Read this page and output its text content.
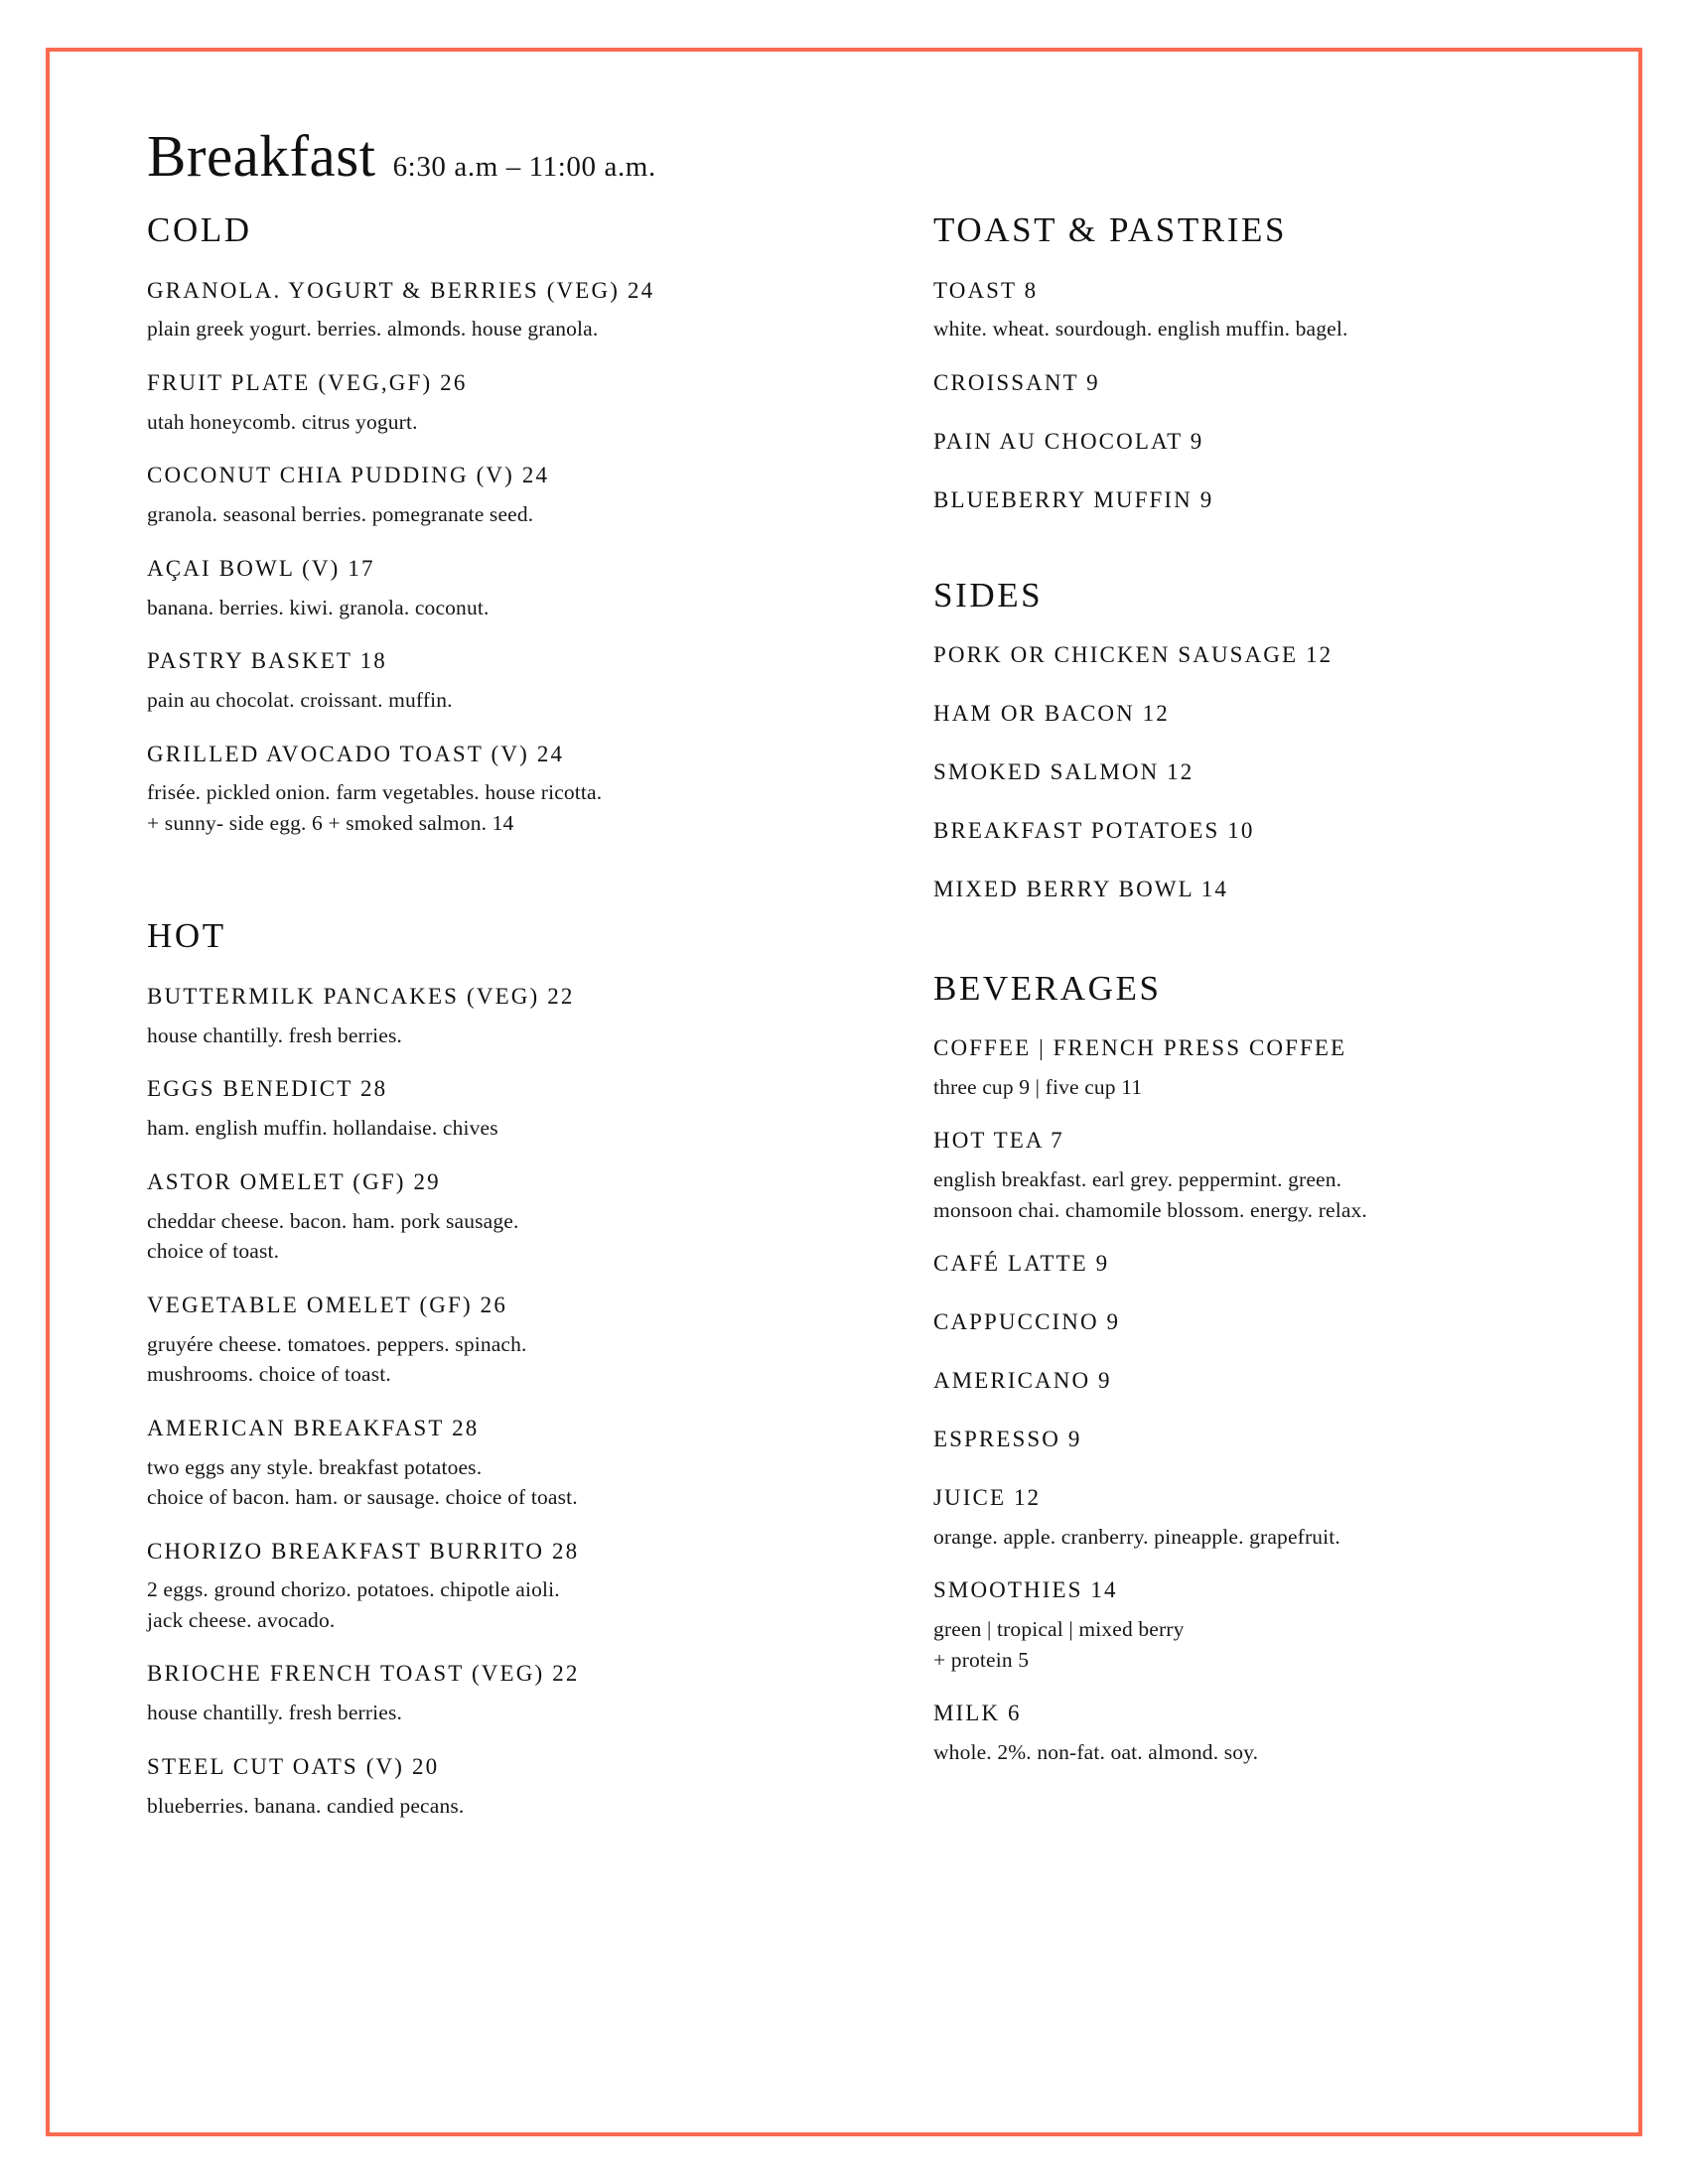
Breakfast 6:30 a.m – 11:00 a.m.
COLD
GRANOLA. YOGURT & BERRIES (VEG) 24
plain greek yogurt. berries. almonds. house granola.
FRUIT PLATE (VEG,GF) 26
utah honeycomb. citrus yogurt.
COCONUT CHIA PUDDING (V) 24
granola. seasonal berries. pomegranate seed.
AÇAI BOWL (V) 17
banana. berries. kiwi. granola. coconut.
PASTRY BASKET 18
pain au chocolat. croissant. muffin.
GRILLED AVOCADO TOAST (V) 24
frisée. pickled onion. farm vegetables. house ricotta.
+ sunny- side egg. 6 + smoked salmon. 14
HOT
BUTTERMILK PANCAKES (VEG) 22
house chantilly. fresh berries.
EGGS BENEDICT 28
ham. english muffin. hollandaise. chives
ASTOR OMELET (GF) 29
cheddar cheese. bacon. ham. pork sausage.
choice of toast.
VEGETABLE OMELET (GF) 26
gruyére cheese. tomatoes. peppers. spinach.
mushrooms. choice of toast.
AMERICAN BREAKFAST 28
two eggs any style. breakfast potatoes.
choice of bacon. ham. or sausage. choice of toast.
CHORIZO BREAKFAST BURRITO 28
2 eggs. ground chorizo. potatoes. chipotle aioli.
jack cheese. avocado.
BRIOCHE FRENCH TOAST (VEG) 22
house chantilly. fresh berries.
STEEL CUT OATS (V) 20
blueberries. banana. candied pecans.
TOAST & PASTRIES
TOAST 8
white. wheat. sourdough. english muffin. bagel.
CROISSANT 9
PAIN AU CHOCOLAT 9
BLUEBERRY MUFFIN 9
SIDES
PORK OR CHICKEN SAUSAGE 12
HAM OR BACON 12
SMOKED SALMON 12
BREAKFAST POTATOES 10
MIXED BERRY BOWL 14
BEVERAGES
COFFEE | FRENCH PRESS COFFEE
three cup 9 | five cup 11
HOT TEA 7
english breakfast. earl grey. peppermint. green.
monsoon chai. chamomile blossom. energy. relax.
CAFÉ LATTE 9
CAPPUCCINO 9
AMERICANO 9
ESPRESSO 9
JUICE 12
orange. apple. cranberry. pineapple. grapefruit.
SMOOTHIES 14
green | tropical | mixed berry
+ protein 5
MILK 6
whole. 2%. non-fat. oat. almond. soy.
